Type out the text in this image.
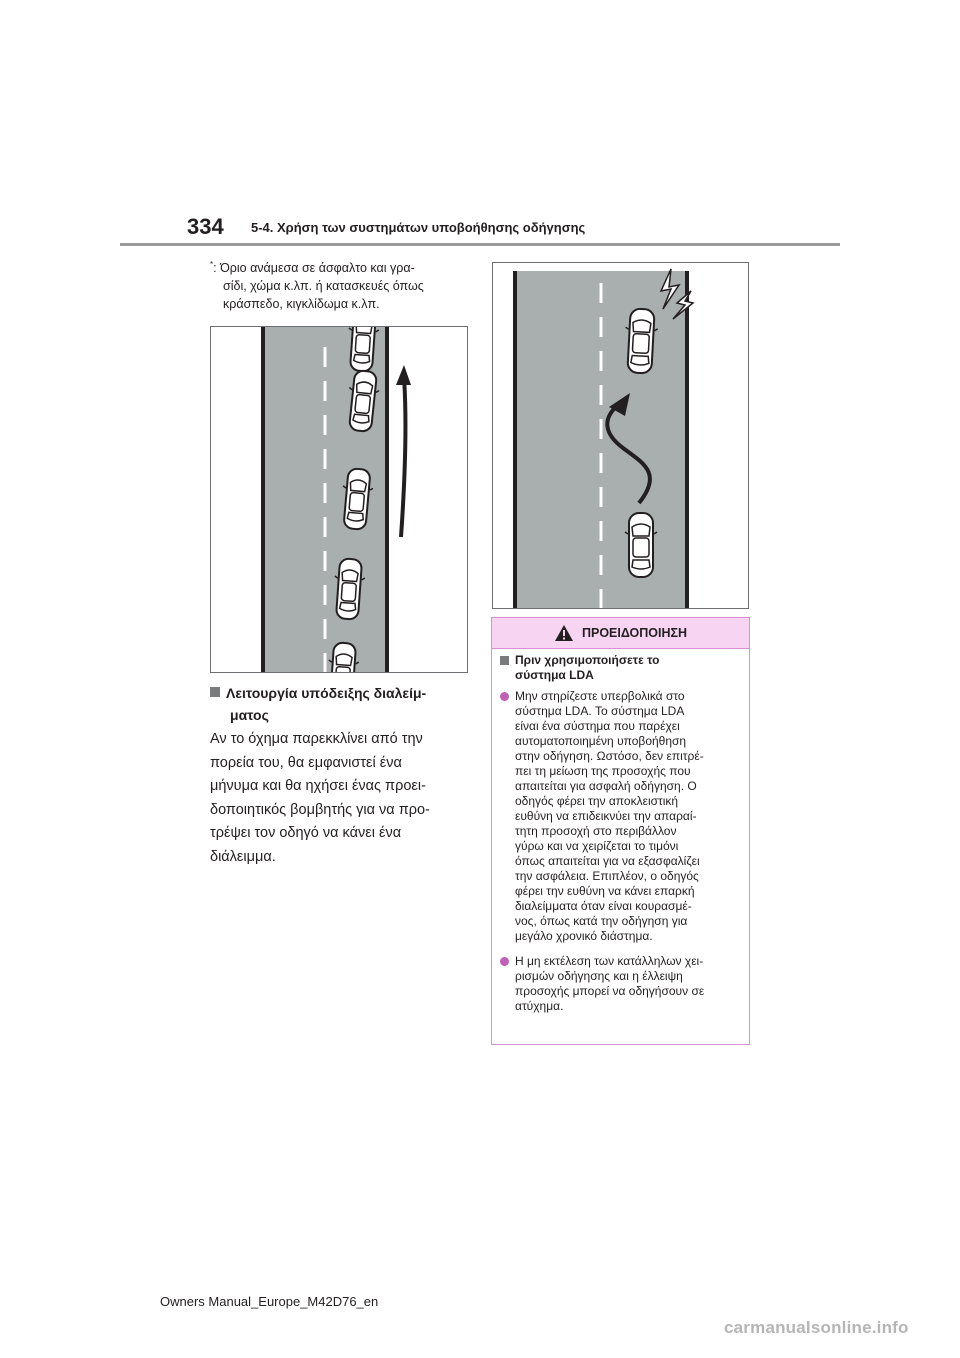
334 5-4. Χρήση των συστημάτων υποβοήθησης οδήγησης
*: Όριο ανάμεσα σε άσφαλτο και γρα-
σίδι, χώμα κ.λπ. ή κατασκευές όπως
κράσπεδο, κιγκλίδωμα κ.λπ.
Λειτουργία υπόδειξης διαλείμ-
ματος
Αν το όχημα παρεκκλίνει από την
πορεία του, θα εμφανιστεί ένα
μήνυμα και θα ηχήσει ένας προει-
δοποιητικός βομβητής για να προ-
τρέψει τον οδηγό να κάνει ένα
διάλειμμα.
ΠΡΟΕΙΔΟΠΟΙΗΣΗ
Πριν χρησιμοποιήσετε το
σύστημα LDA
Μην στηρίζεστε υπερβολικά στο
σύστημα LDA. Το σύστημα LDA
είναι ένα σύστημα που παρέχει
αυτοματοποιημένη υποβοήθηση
στην οδήγηση. Ωστόσο, δεν επιτρέ-
πει τη μείωση της προσοχής που
απαιτείται για ασφαλή οδήγηση. Ο
οδηγός φέρει την αποκλειστική
ευθύνη να επιδεικνύει την απαραί-
τητη προσοχή στο περιβάλλον
γύρω και να χειρίζεται το τιμόνι
όπως απαιτείται για να εξασφαλίζει
την ασφάλεια. Επιπλέον, ο οδηγός
φέρει την ευθύνη να κάνει επαρκή
διαλείμματα όταν είναι κουρασμέ-
νος, όπως κατά την οδήγηση για
μεγάλο χρονικό διάστημα.
Η μη εκτέλεση των κατάλληλων χει-
ρισμών οδήγησης και η έλλειψη
προσοχής μπορεί να οδηγήσουν σε
ατύχημα.
Owners Manual_Europe_M42D76_en
carmanualsonline.info
